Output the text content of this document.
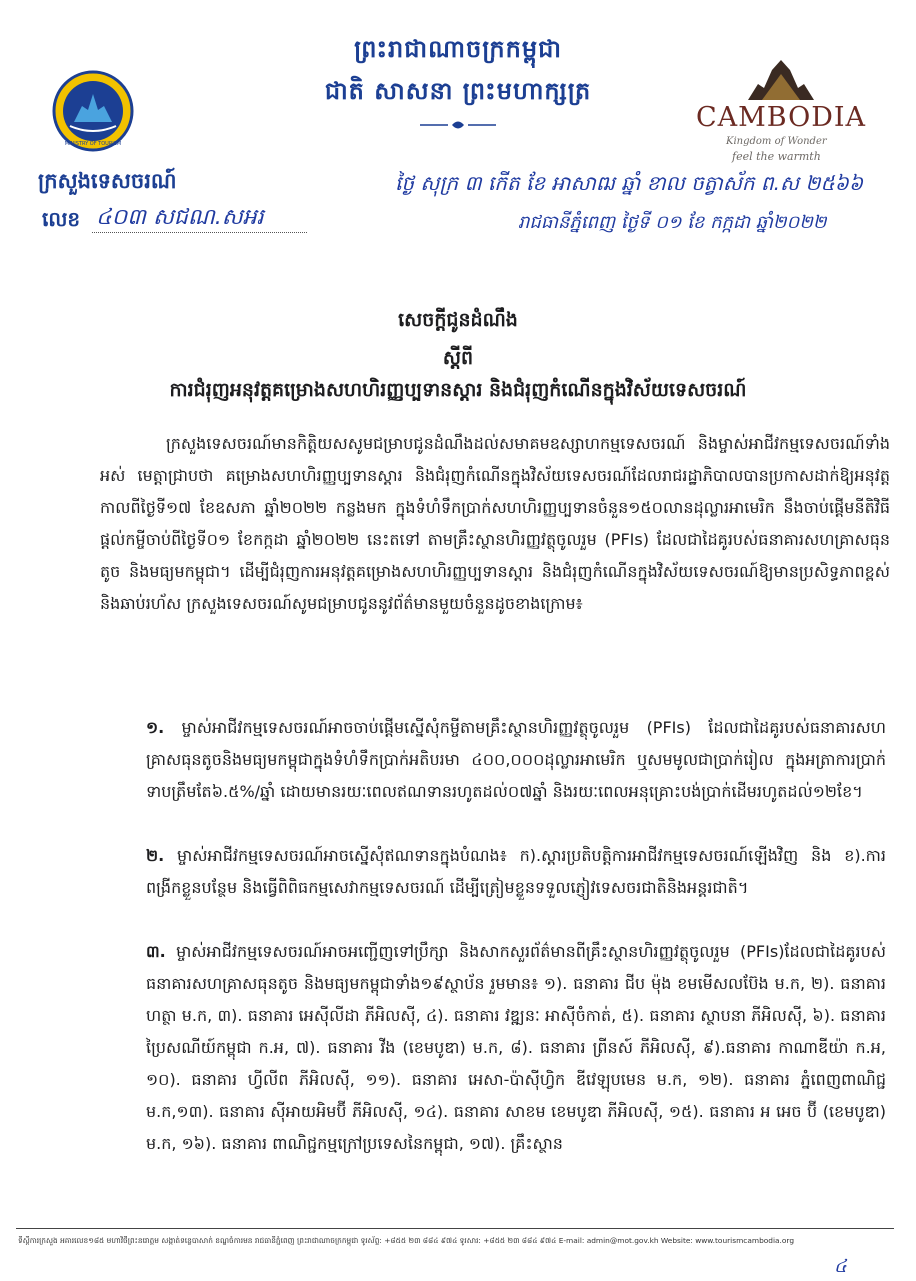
ព្រះរាជាណាចក្រកម្ពុជា
ជាតិ សាសនា ព្រះមហាក្សត្រ
MINISTRY OF TOURISM
CAMBODIA
Kingdom of Wonder
feel the warmth
ក្រសួងទេសចរណ៍
លេខ ៤០៣ សជណ.សអរ
ថ្ងៃ សុក្រ ៣ កើត ខែ អាសាឍ ឆ្នាំ ខាល ចត្វាស័ក ព.ស ២៥៦៦
រាជធានីភ្នំពេញ ថ្ងៃទី ០១ ខែ កក្កដា ឆ្នាំ២០២២
សេចក្តីជូនដំណឹង
ស្តីពី
ការជំរុញអនុវត្តគម្រោងសហហិរញ្ញប្បទានស្តារ និងជំរុញកំណើនក្នុងវិស័យទេសចរណ៍
ក្រសួងទេសចរណ៍មានកិត្តិយសសូមជម្រាបជូនដំណឹងដល់សមាគមឧស្សាហកម្មទេសចរណ៍ និងម្ចាស់អាជីវកម្មទេសចរណ៍ទាំងអស់ មេត្តាជ្រាបថា គម្រោងសហហិរញ្ញប្បទានស្តារ និងជំរុញកំណើនក្នុងវិស័យទេសចរណ៍ដែលរាជរដ្ឋាភិបាលបានប្រកាសដាក់ឱ្យអនុវត្តកាលពីថ្ងៃទី១៧ ខែឧសភា ឆ្នាំ២០២២ កន្លងមក ក្នុងទំហំទឹកប្រាក់សហហិរញ្ញប្បទានចំនួន១៥០លានដុល្លារអាមេរិក នឹងចាប់ផ្តើមនីតិវិធីផ្តល់កម្ចីចាប់ពីថ្ងៃទី០១ ខែកក្កដា ឆ្នាំ២០២២ នេះតទៅ តាមគ្រឹះស្ថានហិរញ្ញវត្ថុចូលរួម (PFIs) ដែលជាដៃគូរបស់ធនាគារសហគ្រាសធុនតូច និងមធ្យមកម្ពុជា។ ដើម្បីជំរុញការអនុវត្តគម្រោងសហហិរញ្ញប្បទានស្តារ និងជំរុញកំណើនក្នុងវិស័យទេសចរណ៍ឱ្យមានប្រសិទ្ធភាពខ្ពស់ និងឆាប់រហ័ស ក្រសួងទេសចរណ៍សូមជម្រាបជូននូវព័ត៌មានមួយចំនួនដូចខាងក្រោម៖
១. ម្ចាស់អាជីវកម្មទេសចរណ៍អាចចាប់ផ្តើមស្នើសុំកម្ចីតាមគ្រឹះស្ថានហិរញ្ញវត្ថុចូលរួម (PFIs) ដែលជាដៃគូរបស់ធនាគារសហគ្រាសធុនតូចនិងមធ្យមកម្ពុជាក្នុងទំហំទឹកប្រាក់អតិបរមា ៤០០,០០០ដុល្លារអាមេរិក ឬសមមូលជាប្រាក់រៀល ក្នុងអត្រាការប្រាក់ទាបត្រឹមតែ៦.៥%/ឆ្នាំ ដោយមានរយៈពេលឥណទានរហូតដល់០៧ឆ្នាំ និងរយៈពេលអនុគ្រោះបង់ប្រាក់ដើមរហូតដល់១២ខែ។
២. ម្ចាស់អាជីវកម្មទេសចរណ៍អាចស្នើសុំឥណទានក្នុងបំណង៖ ក).ស្តារប្រតិបត្តិការអាជីវកម្មទេសចរណ៍ឡើងវិញ និង ខ).ការពង្រីកខ្លួនបន្ថែម និងធ្វើពិពិធកម្មសេវាកម្មទេសចរណ៍ ដើម្បីត្រៀមខ្លួនទទួលភ្ញៀវទេសចរជាតិនិងអន្តរជាតិ។
៣. ម្ចាស់អាជីវកម្មទេសចរណ៍អាចអញ្ជើញទៅប្រឹក្សា និងសាកសួរព័ត៌មានពីគ្រឹះស្ថានហិរញ្ញវត្ថុចូលរួម (PFIs)ដែលជាដៃគូរបស់ធនាគារសហគ្រាសធុនតូច និងមធ្យមកម្ពុជាទាំង១៩ស្ថាប័ន រួមមាន៖ ១). ធនាគារ ជីប ម៉ុង ខមមើសលប៊ែង ម.ក, ២). ធនាគារ ហត្ថា ម.ក, ៣). ធនាគារ អេស៊ីលីដា ភីអិលស៊ី, ៤). ធនាគារ វឌ្ឍនៈ អាស៊ីចំកាត់, ៥). ធនាគារ ស្ថាបនា ភីអិលស៊ី, ៦). ធនាគារ ប្រៃសណីយ៍កម្ពុជា ក.អ, ៧). ធនាគារ វីង (ខេមបូឌា) ម.ក, ៨). ធនាគារ ព្រីនស៍ ភីអិលស៊ី, ៩).ធនាគារ កាណាឌីយ៉ា ក.អ, ១០). ធនាគារ ហ្វីលីព ភីអិលស៊ី, ១១). ធនាគារ អេសា-ប៉ាស៊ីហ្វិក ឌីវេឡុបមេន ម.ក, ១២). ធនាគារ ភ្នំពេញពាណិជ្ជ ម.ក,១៣). ធនាគារ ស៊ីអាយអិមប៊ី ភីអិលស៊ី, ១៤). ធនាគារ សាខម ខេមបូឌា ភីអិលស៊ី, ១៥). ធនាគារ អ អេច ប៊ី (ខេមបូឌា) ម.ក, ១៦). ធនាគារ ពាណិជ្ជកម្មក្រៅប្រទេសនៃកម្ពុជា, ១៧). គ្រឹះស្ថាន
ទីស្តីការក្រសួង អគារលេខ១៨៥ មហាវិថីព្រះនរោត្តម សង្កាត់ទន្លេបាសាក់ ខណ្ឌចំការមន រាជធានីភ្នំពេញ ព្រះរាជាណាចក្រកម្ពុជា ទូរស័ព្ទ: +៨៥៥ ២៣ ៨៨៤ ៩៧៤ ទូរសារ: +៨៥៥ ២៣ ៨៨៤ ៩៧៤ E-mail: admin@mot.gov.kh Website: www.tourismcambodia.org
៤
